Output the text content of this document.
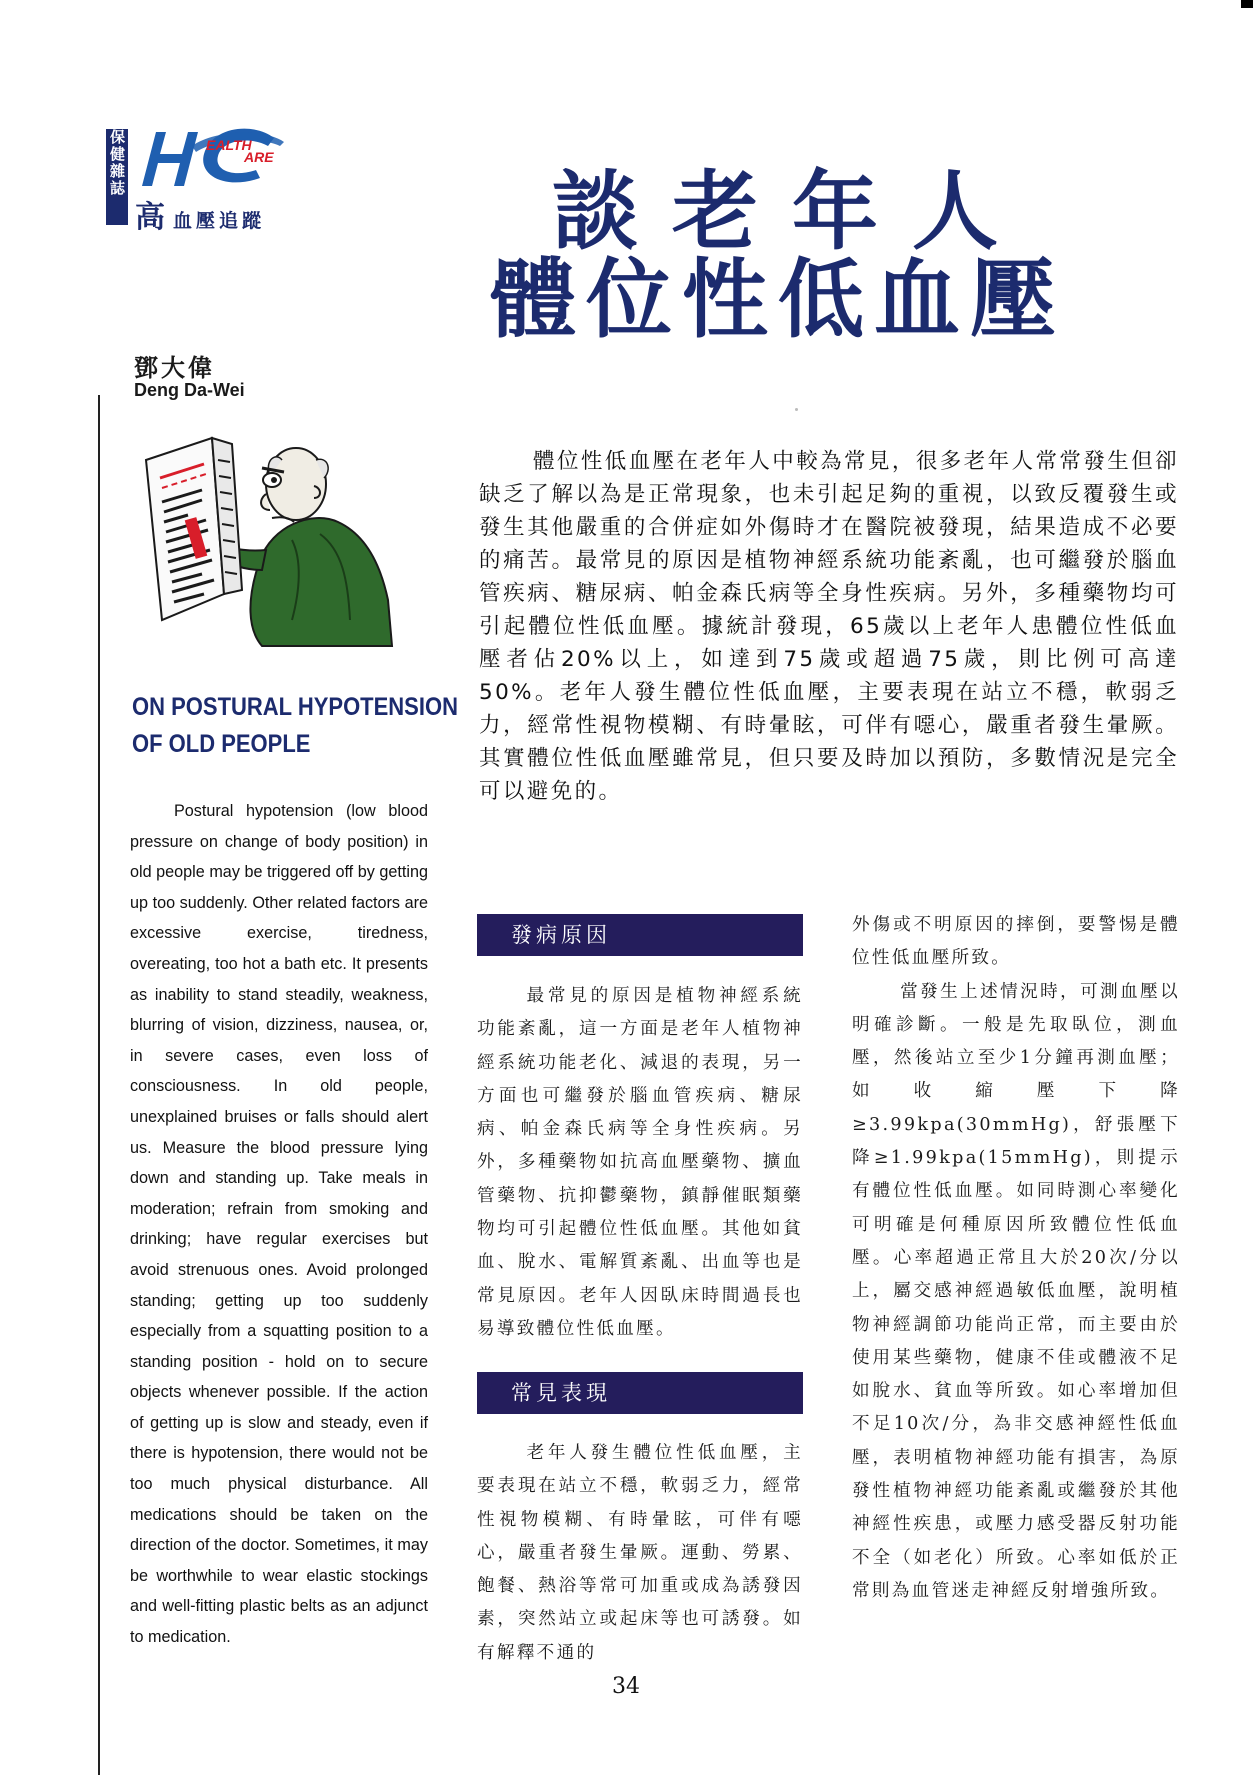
保健雜誌	EALTH
ARE
高血壓追蹤	談老年人
體位性低血壓
鄧大偉
Deng Da-Wei
ON POSTURAL HYPOTENSION
OF OLD PEOPLE
Postural hypotension (low blood pressure on change of body position) in old people may be triggered off by getting up too suddenly. Other related factors are excessive exercise, tiredness, overeating, too hot a bath etc. It presents as inability to stand steadily, weakness, blurring of vision, dizziness, nausea, or, in severe cases, even loss of consciousness. In old people, unexplained bruises or falls should alert us. Measure the blood pressure lying down and standing up. Take meals in moderation; refrain from smoking and drinking; have regular exercises but avoid strenuous ones. Avoid prolonged standing; getting up too suddenly especially from a squatting position to a standing position - hold on to secure objects whenever possible. If the action of getting up is slow and steady, even if there is hypotension, there would not be too much physical disturbance. All medications should be taken on the direction of the doctor. Sometimes, it may be worthwhile to wear elastic stockings and well-fitting plastic belts as an adjunct to medication.
體位性低血壓在老年人中較為常見，很多老年人常常發生但卻缺乏了解以為是正常現象，也未引起足夠的重視，以致反覆發生或發生其他嚴重的合併症如外傷時才在醫院被發現，結果造成不必要的痛苦。最常見的原因是植物神經系統功能紊亂，也可繼發於腦血管疾病、糖尿病、帕金森氏病等全身性疾病。另外，多種藥物均可引起體位性低血壓。據統計發現，65歲以上老年人患體位性低血壓者佔20%以上，如達到75歲或超過75歲，則比例可高達50%。老年人發生體位性低血壓，主要表現在站立不穩，軟弱乏力，經常性視物模糊、有時暈眩，可伴有噁心，嚴重者發生暈厥。其實體位性低血壓雖常見，但只要及時加以預防，多數情況是完全可以避免的。
發病原因
最常見的原因是植物神經系統功能紊亂，這一方面是老年人植物神經系統功能老化、減退的表現，另一方面也可繼發於腦血管疾病、糖尿病、帕金森氏病等全身性疾病。另外，多種藥物如抗高血壓藥物、擴血管藥物、抗抑鬱藥物，鎮靜催眠類藥物均可引起體位性低血壓。其他如貧血、脫水、電解質紊亂、出血等也是常見原因。老年人因臥床時間過長也易導致體位性低血壓。
常見表現
老年人發生體位性低血壓，主要表現在站立不穩，軟弱乏力，經常性視物模糊、有時暈眩，可伴有噁心，嚴重者發生暈厥。運動、勞累、飽餐、熱浴等常可加重或成為誘發因素，突然站立或起床等也可誘發。如有解釋不通的
外傷或不明原因的摔倒，要警惕是體位性低血壓所致。
當發生上述情況時，可測血壓以明確診斷。一般是先取臥位，測血壓，然後站立至少1分鐘再測血壓；如收縮壓下降≥3.99kpa(30mmHg)，舒張壓下降≥1.99kpa(15mmHg)，則提示有體位性低血壓。如同時測心率變化可明確是何種原因所致體位性低血壓。心率超過正常且大於20次/分以上，屬交感神經過敏低血壓，說明植物神經調節功能尚正常，而主要由於使用某些藥物，健康不佳或體液不足如脫水、貧血等所致。如心率增加但不足10次/分，為非交感神經性低血壓，表明植物神經功能有損害，為原發性植物神經功能紊亂或繼發於其他神經性疾患，或壓力感受器反射功能不全（如老化）所致。心率如低於正常則為血管迷走神經反射增強所致。
34
